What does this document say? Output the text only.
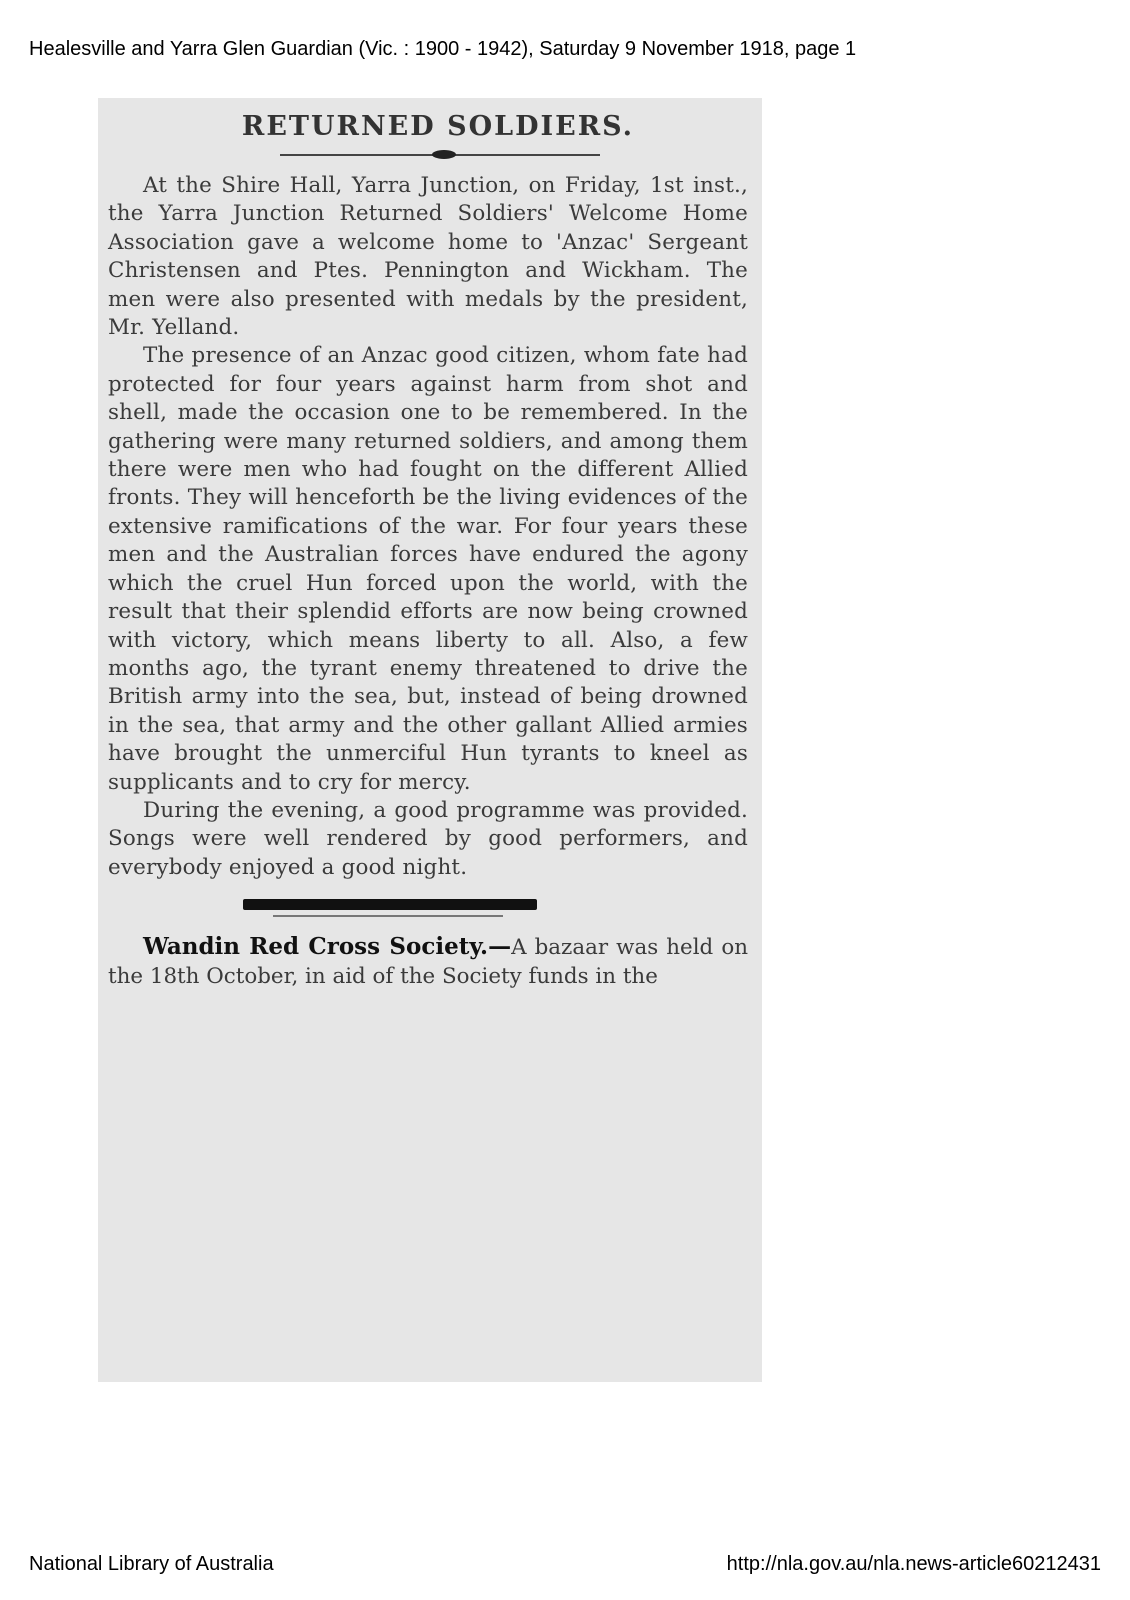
Healesville and Yarra Glen Guardian (Vic. : 1900 - 1942), Saturday 9 November 1918, page 1
RETURNED SOLDIERS.

At the Shire Hall, Yarra Junction, on Friday, 1st inst., the Yarra Junction Returned Soldiers' Welcome Home Association gave a welcome home to 'Anzac' Sergeant Christensen and Ptes. Pennington and Wickham. The men were also presented with medals by the president, Mr. Yelland.

The presence of an Anzac good citizen, whom fate had protected for four years against harm from shot and shell, made the occasion one to be remembered. In the gathering were many returned soldiers, and among them there were men who had fought on the different Allied fronts. They will henceforth be the living evidences of the extensive ramifications of the war. For four years these men and the Australian forces have endured the agony which the cruel Hun forced upon the world, with the result that their splendid efforts are now being crowned with victory, which means liberty to all. Also, a few months ago, the tyrant enemy threatened to drive the British army into the sea, but, instead of being drowned in the sea, that army and the other gallant Allied armies have brought the unmerciful Hun tyrants to kneel as supplicants and to cry for mercy.

During the evening, a good programme was provided. Songs were well rendered by good performers, and everybody enjoyed a good night.

Wandin Red Cross Society.—A bazaar was held on the 18th October, in aid of the Society funds in the

National Library of Australia	http://nla.gov.au/nla.news-article60212431
